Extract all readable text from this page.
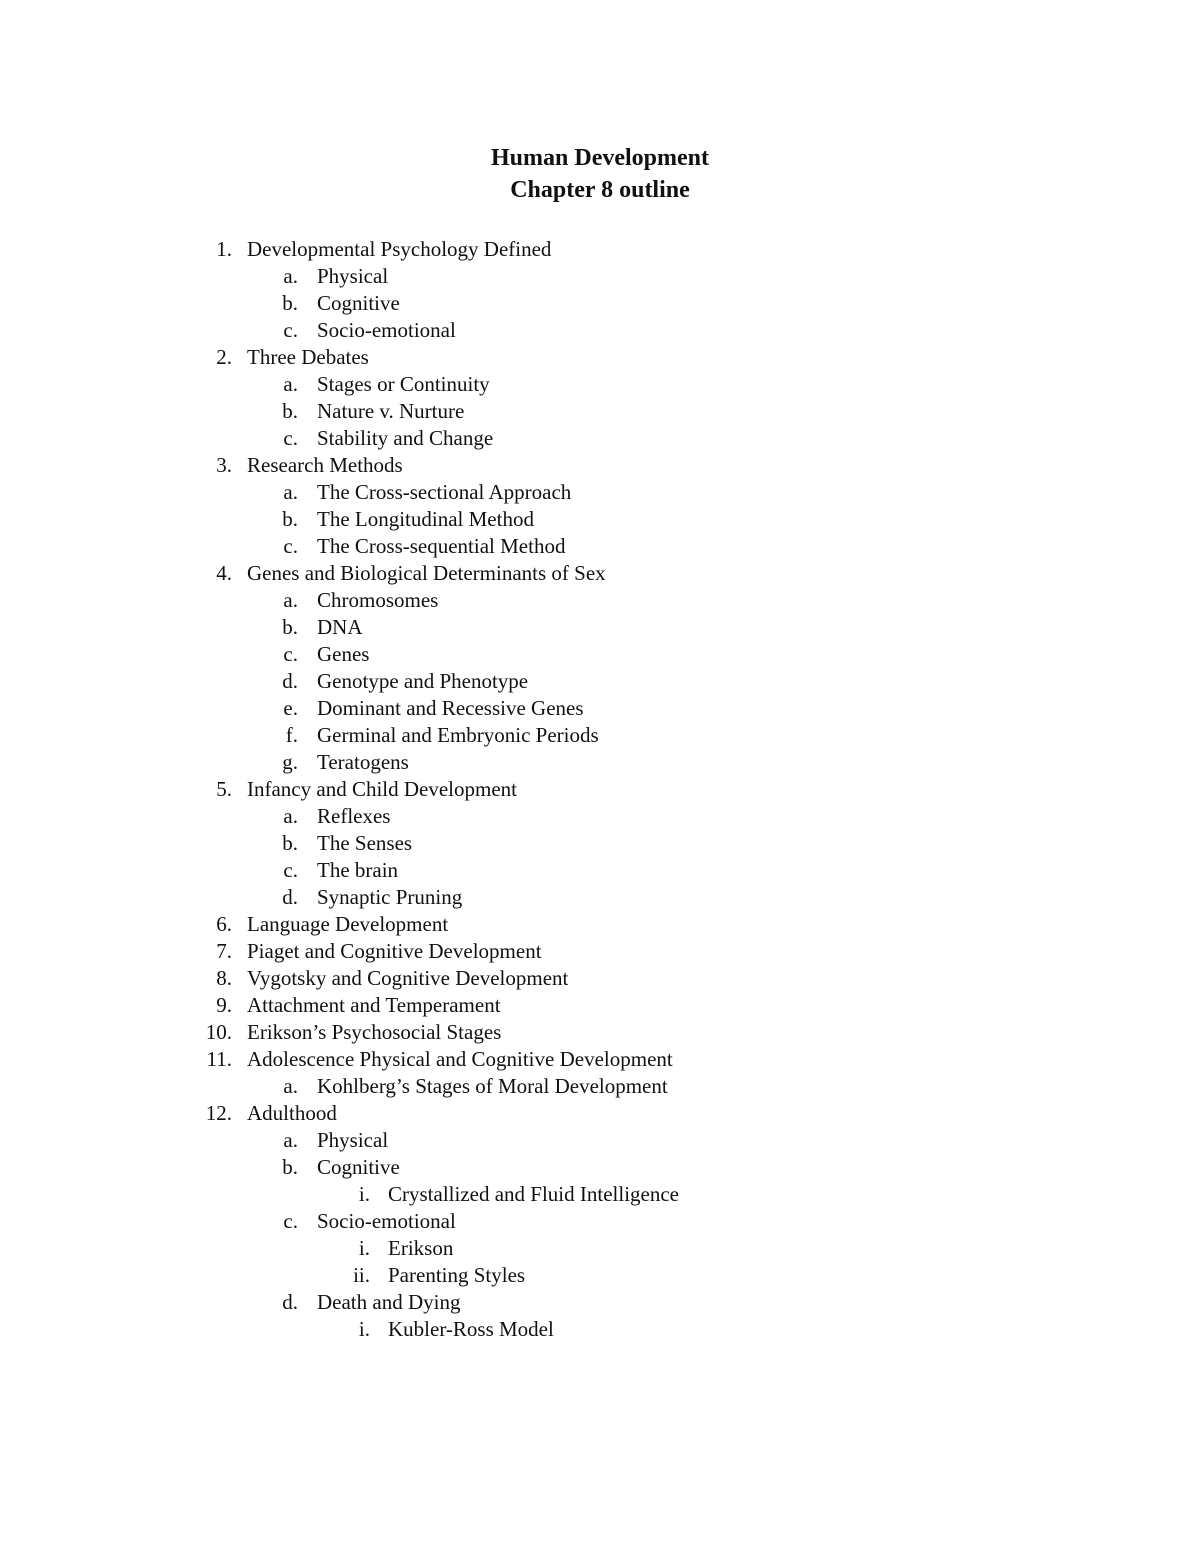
Human Development
Chapter 8 outline
1. Developmental Psychology Defined
a. Physical
b. Cognitive
c. Socio-emotional
2. Three Debates
a. Stages or Continuity
b. Nature v. Nurture
c. Stability and Change
3. Research Methods
a. The Cross-sectional Approach
b. The Longitudinal Method
c. The Cross-sequential Method
4. Genes and Biological Determinants of Sex
a. Chromosomes
b. DNA
c. Genes
d. Genotype and Phenotype
e. Dominant and Recessive Genes
f. Germinal and Embryonic Periods
g. Teratogens
5. Infancy and Child Development
a. Reflexes
b. The Senses
c. The brain
d. Synaptic Pruning
6. Language Development
7. Piaget and Cognitive Development
8. Vygotsky and Cognitive Development
9. Attachment and Temperament
10. Erikson’s Psychosocial Stages
11. Adolescence Physical and Cognitive Development
a. Kohlberg’s Stages of Moral Development
12. Adulthood
a. Physical
b. Cognitive
i. Crystallized and Fluid Intelligence
c. Socio-emotional
i. Erikson
ii. Parenting Styles
d. Death and Dying
i. Kubler-Ross Model
